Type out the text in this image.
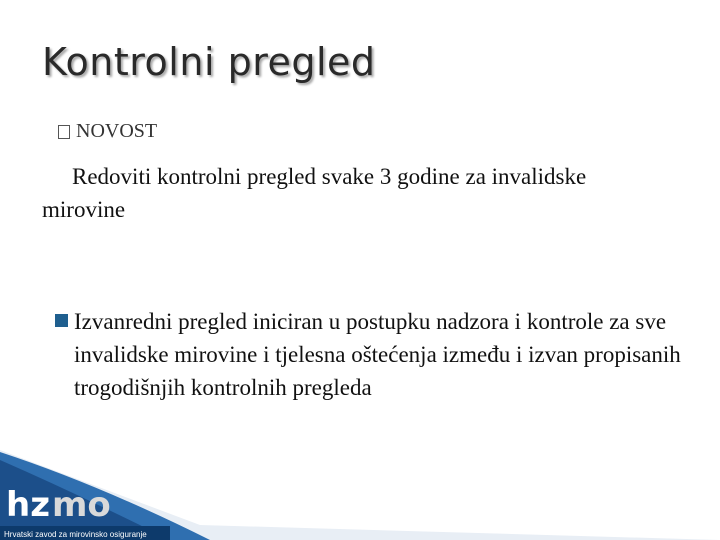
Kontrolni pregled
NOVOST
Redoviti kontrolni pregled svake 3 godine za invalidske mirovine
Izvanredni pregled iniciran u postupku nadzora i kontrole za sve invalidske mirovine i tjelesna oštećenja između i izvan propisanih trogodišnjih kontrolnih pregleda
hz mo
Hrvatski zavod za mirovinsko osiguranje
